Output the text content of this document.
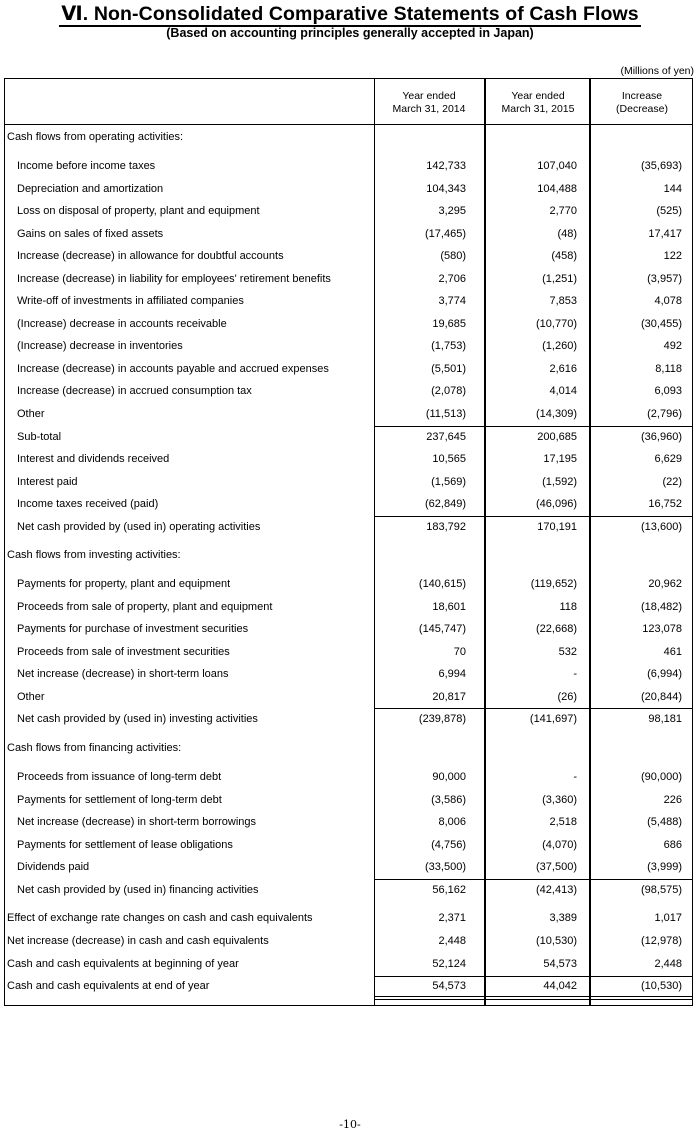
Ⅵ. Non-Consolidated Comparative Statements of Cash Flows
(Based on accounting principles generally accepted in Japan)
(Millions of yen)
Year ended
March 31, 2014
Year ended
March 31, 2015
Increase
(Decrease)
Cash flows from operating activities:
Income before income taxes	142,733	107,040	(35,693)
Depreciation and amortization	104,343	104,488	144
Loss on disposal of property, plant and equipment	3,295	2,770	(525)
Gains on sales of fixed assets	(17,465)	(48)	17,417
Increase (decrease) in allowance for doubtful accounts	(580)	(458)	122
Increase (decrease) in liability for employees' retirement benefits	2,706	(1,251)	(3,957)
Write-off of investments in affiliated companies	3,774	7,853	4,078
(Increase) decrease in accounts receivable	19,685	(10,770)	(30,455)
(Increase) decrease in inventories	(1,753)	(1,260)	492
Increase (decrease) in accounts payable and accrued expenses	(5,501)	2,616	8,118
Increase (decrease) in accrued consumption tax	(2,078)	4,014	6,093
Other	(11,513)	(14,309)	(2,796)
Sub-total	237,645	200,685	(36,960)
Interest and dividends received	10,565	17,195	6,629
Interest paid	(1,569)	(1,592)	(22)
Income taxes received (paid)	(62,849)	(46,096)	16,752
Net cash provided by (used in) operating activities	183,792	170,191	(13,600)
Cash flows from investing activities:
Payments for property, plant and equipment	(140,615)	(119,652)	20,962
Proceeds from sale of property, plant and equipment	18,601	118	(18,482)
Payments for purchase of investment securities	(145,747)	(22,668)	123,078
Proceeds from sale of investment securities	70	532	461
Net increase (decrease) in short-term loans	6,994	-	(6,994)
Other	20,817	(26)	(20,844)
Net cash provided by (used in) investing activities	(239,878)	(141,697)	98,181
Cash flows from financing activities:
Proceeds from issuance of long-term debt	90,000	-	(90,000)
Payments for settlement of long-term debt	(3,586)	(3,360)	226
Net increase (decrease) in short-term borrowings	8,006	2,518	(5,488)
Payments for settlement of lease obligations	(4,756)	(4,070)	686
Dividends paid	(33,500)	(37,500)	(3,999)
Net cash provided by (used in) financing activities	56,162	(42,413)	(98,575)
Effect of exchange rate changes on cash and cash equivalents	2,371	3,389	1,017
Net increase (decrease) in cash and cash equivalents	2,448	(10,530)	(12,978)
Cash and cash equivalents at beginning of year	52,124	54,573	2,448
Cash and cash equivalents at end of year	54,573	44,042	(10,530)
-10-
